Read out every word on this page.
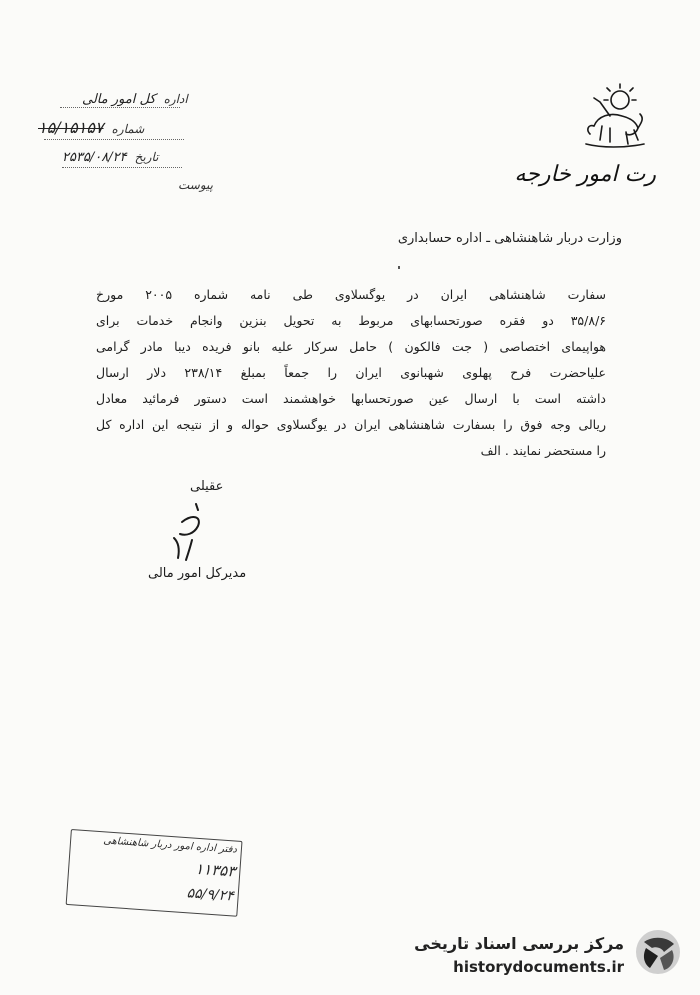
اداره
کل امور مالی
شماره
۱۵/۱۵۱۵۷
تاریخ
۲۵۳۵/۰۸/۲۴
پیوست	رت امور خارجه
وزارت دربار شاهنشاهی ـ اداره حسابداری
سفارت شاهنشاهی ایران در یوگسلاوی طی نامه شماره ۲۰۰۵ مورخ
۳۵/۸/۶ دو فقره صورتحسابهای مربوط به تحویل بنزین وانجام خدمات برای
هواپیمای اختصاصی ( جت فالکون ) حامل سرکار علیه بانو فریده دیبا مادر گرامی
علیاحضرت فرح پهلوی شهبانوی ایران را جمعاً بمبلغ ۲۳۸/۱۴ دلار ارسال
داشته است با ارسال عین صورتحسابها خواهشمند است دستور فرمائید معادل
ریالی وجه فوق را بسفارت شاهنشاهی ایران در یوگسلاوی حواله و از نتیجه این اداره کل
را مستحضر نمایند . الف
عقیلی
مدیرکل امور مالی
دفتر اداره امور دربار شاهنشاهی
۱۱۳۵۳
۵۵/۹/۲۴
مرکز بررسی اسناد تاریخی
historydocuments.ir
